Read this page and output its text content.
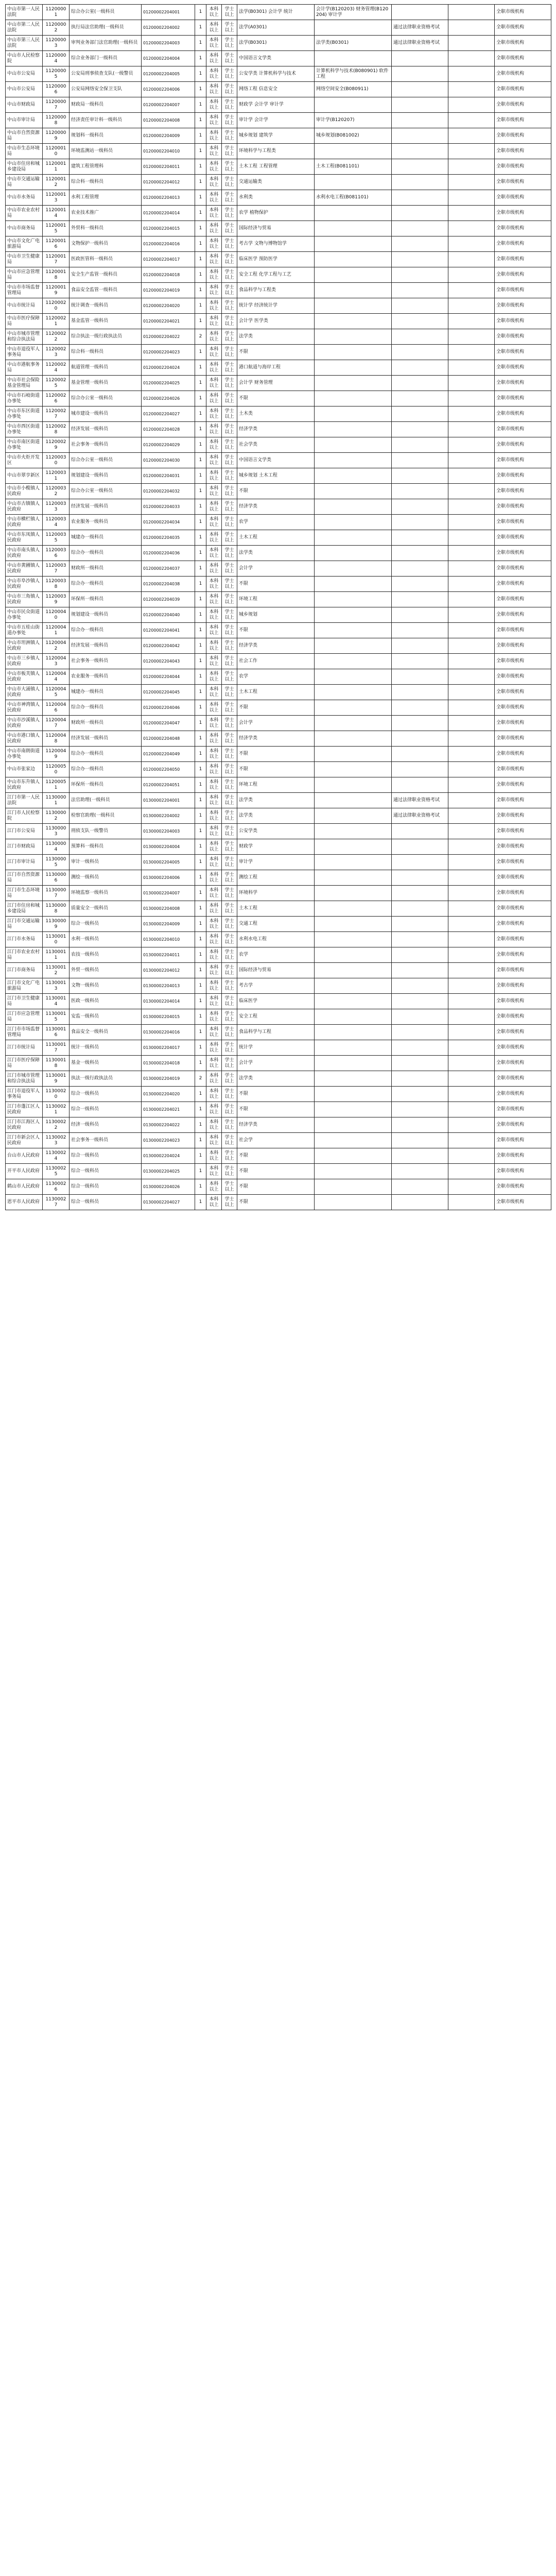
中山市第一人民法院	11200001	综合办公室(一级科员	01200002204001	1	本科以上	学士以上	法学(B0301) 会计学 统计	会计学(B120203) 财务管理(B120204) 审计学			全职市级机构
中山市第二人民法院	11200002	执行局法官助理(一级科员	01200002204002	1	本科以上	学士以上	法学(A0301)		通过法律职业资格考试		全职市级机构
中山市第三人民法院	11200003	审判业务部门法官助理(一级科员	01200002204003	1	本科以上	学士以上	法学(B0301)	法学类(B0301)	通过法律职业资格考试		全职市级机构
中山市人民检察院	11200004	综合业务部门一级科员	01200002204004	1	本科以上	学士以上	中国语言文学类				全职市级机构
中山市公安局	11200005	公安局刑事侦查支队(一级警员	01200002204005	1	本科以上	学士以上	公安学类 计算机科学与技术	计算机科学与技术(B080901) 软件工程			全职市级机构
中山市公安局	11200006	公安局网络安全保卫支队	01200002204006	1	本科以上	学士以上	网络工程 信息安全	网络空间安全(B080911)			全职市级机构
中山市财政局	11200007	财政局一级科员	01200002204007	1	本科以上	学士以上	财政学 会计学 审计学				全职市级机构
中山市审计局	11200008	经济责任审计科一级科员	01200002204008	1	本科以上	学士以上	审计学 会计学	审计学(B120207)			全职市级机构
中山市自然资源局	11200009	规划科一级科员	01200002204009	1	本科以上	学士以上	城乡规划 建筑学	城乡规划(B081002)			全职市级机构
中山市生态环境局	11200010	环境监测站一级科员	01200002204010	1	本科以上	学士以上	环境科学与工程类				全职市级机构
中山市住房和城乡建设局	11200011	建筑工程管理科	01200002204011	1	本科以上	学士以上	土木工程 工程管理	土木工程(B081101)			全职市级机构
中山市交通运输局	11200012	综合科一级科员	01200002204012	1	本科以上	学士以上	交通运输类				全职市级机构
中山市水务局	11200013	水利工程管理	01200002204013	1	本科以上	学士以上	水利类	水利水电工程(B081101)			全职市级机构
中山市农业农村局	11200014	农业技术推广	01200002204014	1	本科以上	学士以上	农学 植物保护				全职市级机构
中山市商务局	11200015	外贸科一级科员	01200002204015	1	本科以上	学士以上	国际经济与贸易				全职市级机构
中山市文化广电旅游局	11200016	文物保护一级科员	01200002204016	1	本科以上	学士以上	考古学 文物与博物馆学				全职市级机构
中山市卫生健康局	11200017	医政医管科一级科员	01200002204017	1	本科以上	学士以上	临床医学 预防医学				全职市级机构
中山市应急管理局	11200018	安全生产监管一级科员	01200002204018	1	本科以上	学士以上	安全工程 化学工程与工艺				全职市级机构
中山市市场监督管理局	11200019	食品安全监管一级科员	01200002204019	1	本科以上	学士以上	食品科学与工程类				全职市级机构
中山市统计局	11200020	统计调查一级科员	01200002204020	1	本科以上	学士以上	统计学 经济统计学				全职市级机构
中山市医疗保障局	11200021	基金监管一级科员	01200002204021	1	本科以上	学士以上	会计学 医学类				全职市级机构
中山市城市管理和综合执法局	11200022	综合执法一级行政执法员	01200002204022	2	本科以上	学士以上	法学类				全职市级机构
中山市退役军人事务局	11200023	综合科一级科员	01200002204023	1	本科以上	学士以上	不限				全职市级机构
中山市港航事务局	11200024	航道管理一级科员	01200002204024	1	本科以上	学士以上	港口航道与海岸工程				全职市级机构
中山市社会保险基金管理局	11200025	基金管理一级科员	01200002204025	1	本科以上	学士以上	会计学 财务管理				全职市级机构
中山市石岐街道办事处	11200026	综合办公室一级科员	01200002204026	1	本科以上	学士以上	不限				全职市级机构
中山市东区街道办事处	11200027	城市建设一级科员	01200002204027	1	本科以上	学士以上	土木类				全职市级机构
中山市西区街道办事处	11200028	经济发展一级科员	01200002204028	1	本科以上	学士以上	经济学类				全职市级机构
中山市南区街道办事处	11200029	社会事务一级科员	01200002204029	1	本科以上	学士以上	社会学类				全职市级机构
中山市火炬开发区	11200030	综合办公室一级科员	01200002204030	1	本科以上	学士以上	中国语言文学类				全职市级机构
中山市翠亨新区	11200031	规划建设一级科员	01200002204031	1	本科以上	学士以上	城乡规划 土木工程				全职市级机构
中山市小榄镇人民政府	11200032	综合办公室一级科员	01200002204032	1	本科以上	学士以上	不限				全职市级机构
中山市古镇镇人民政府	11200033	经济发展一级科员	01200002204033	1	本科以上	学士以上	经济学类				全职市级机构
中山市横栏镇人民政府	11200034	农业服务一级科员	01200002204034	1	本科以上	学士以上	农学				全职市级机构
中山市东凤镇人民政府	11200035	城建办一级科员	01200002204035	1	本科以上	学士以上	土木工程				全职市级机构
中山市南头镇人民政府	11200036	综合办一级科员	01200002204036	1	本科以上	学士以上	法学类				全职市级机构
中山市黄圃镇人民政府	11200037	财政所一级科员	01200002204037	1	本科以上	学士以上	会计学				全职市级机构
中山市阜沙镇人民政府	11200038	综合办一级科员	01200002204038	1	本科以上	学士以上	不限				全职市级机构
中山市三角镇人民政府	11200039	环保所一级科员	01200002204039	1	本科以上	学士以上	环境工程				全职市级机构
中山市民众街道办事处	11200040	规划建设一级科员	01200002204040	1	本科以上	学士以上	城乡规划				全职市级机构
中山市五桂山街道办事处	11200041	综合办一级科员	01200002204041	1	本科以上	学士以上	不限				全职市级机构
中山市坦洲镇人民政府	11200042	经济发展一级科员	01200002204042	1	本科以上	学士以上	经济学类				全职市级机构
中山市三乡镇人民政府	11200043	社会事务一级科员	01200002204043	1	本科以上	学士以上	社会工作				全职市级机构
中山市板芙镇人民政府	11200044	农业服务一级科员	01200002204044	1	本科以上	学士以上	农学				全职市级机构
中山市大涌镇人民政府	11200045	城建办一级科员	01200002204045	1	本科以上	学士以上	土木工程				全职市级机构
中山市神湾镇人民政府	11200046	综合办一级科员	01200002204046	1	本科以上	学士以上	不限				全职市级机构
中山市沙溪镇人民政府	11200047	财政所一级科员	01200002204047	1	本科以上	学士以上	会计学				全职市级机构
中山市港口镇人民政府	11200048	经济发展一级科员	01200002204048	1	本科以上	学士以上	经济学类				全职市级机构
中山市南朗街道办事处	11200049	综合办一级科员	01200002204049	1	本科以上	学士以上	不限				全职市级机构
中山市张家边	11200050	综合办一级科员	01200002204050	1	本科以上	学士以上	不限				全职市级机构
中山市东升镇人民政府	11200051	环保所一级科员	01200002204051	1	本科以上	学士以上	环境工程				全职市级机构
江门市第一人民法院	11300001	法官助理(一级科员	01300002204001	1	本科以上	学士以上	法学类		通过法律职业资格考试		全职市级机构
江门市人民检察院	11300002	检察官助理(一级科员	01300002204002	1	本科以上	学士以上	法学类		通过法律职业资格考试		全职市级机构
江门市公安局	11300003	刑侦支队一级警员	01300002204003	1	本科以上	学士以上	公安学类				全职市级机构
江门市财政局	11300004	预算科一级科员	01300002204004	1	本科以上	学士以上	财政学				全职市级机构
江门市审计局	11300005	审计一级科员	01300002204005	1	本科以上	学士以上	审计学				全职市级机构
江门市自然资源局	11300006	测绘一级科员	01300002204006	1	本科以上	学士以上	测绘工程				全职市级机构
江门市生态环境局	11300007	环境监察一级科员	01300002204007	1	本科以上	学士以上	环境科学				全职市级机构
江门市住房和城乡建设局	11300008	质量安全一级科员	01300002204008	1	本科以上	学士以上	土木工程				全职市级机构
江门市交通运输局	11300009	综合一级科员	01300002204009	1	本科以上	学士以上	交通工程				全职市级机构
江门市水务局	11300010	水利一级科员	01300002204010	1	本科以上	学士以上	水利水电工程				全职市级机构
江门市农业农村局	11300011	农技一级科员	01300002204011	1	本科以上	学士以上	农学				全职市级机构
江门市商务局	11300012	外贸一级科员	01300002204012	1	本科以上	学士以上	国际经济与贸易				全职市级机构
江门市文化广电旅游局	11300013	文物一级科员	01300002204013	1	本科以上	学士以上	考古学				全职市级机构
江门市卫生健康局	11300014	医政一级科员	01300002204014	1	本科以上	学士以上	临床医学				全职市级机构
江门市应急管理局	11300015	安监一级科员	01300002204015	1	本科以上	学士以上	安全工程				全职市级机构
江门市市场监督管理局	11300016	食品安全一级科员	01300002204016	1	本科以上	学士以上	食品科学与工程				全职市级机构
江门市统计局	11300017	统计一级科员	01300002204017	1	本科以上	学士以上	统计学				全职市级机构
江门市医疗保障局	11300018	基金一级科员	01300002204018	1	本科以上	学士以上	会计学				全职市级机构
江门市城市管理和综合执法局	11300019	执法一级行政执法员	01300002204019	2	本科以上	学士以上	法学类				全职市级机构
江门市退役军人事务局	11300020	综合一级科员	01300002204020	1	本科以上	学士以上	不限				全职市级机构
江门市蓬江区人民政府	11300021	综合一级科员	01300002204021	1	本科以上	学士以上	不限				全职市级机构
江门市江海区人民政府	11300022	经济一级科员	01300002204022	1	本科以上	学士以上	经济学类				全职市级机构
江门市新会区人民政府	11300023	社会事务一级科员	01300002204023	1	本科以上	学士以上	社会学				全职市级机构
台山市人民政府	11300024	综合一级科员	01300002204024	1	本科以上	学士以上	不限				全职市级机构
开平市人民政府	11300025	综合一级科员	01300002204025	1	本科以上	学士以上	不限				全职市级机构
鹤山市人民政府	11300026	综合一级科员	01300002204026	1	本科以上	学士以上	不限				全职市级机构
恩平市人民政府	11300027	综合一级科员	01300002204027	1	本科以上	学士以上	不限				全职市级机构
